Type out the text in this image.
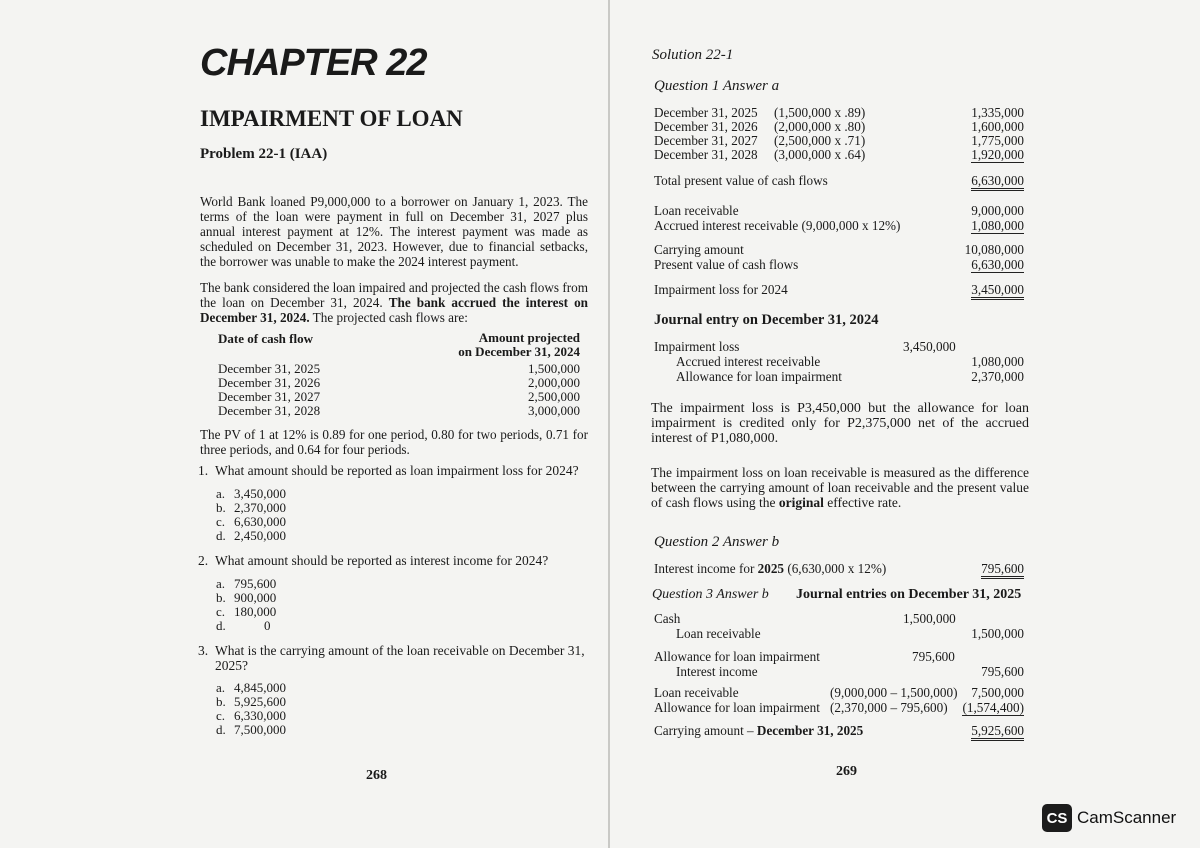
CHAPTER 22
IMPAIRMENT OF LOAN
Problem 22-1 (IAA)
World Bank loaned P9,000,000 to a borrower on January 1, 2023. The terms of the loan were payment in full on December 31, 2027 plus annual interest payment at 12%. The interest payment was made as scheduled on December 31, 2023. However, due to financial setbacks, the borrower was unable to make the 2024 interest payment.
The bank considered the loan impaired and projected the cash flows from the loan on December 31, 2024. The bank accrued the interest on December 31, 2024. The projected cash flows are:
Date of cash flow	Amount projected
on December 31, 2024
December 31, 2025	1,500,000
December 31, 2026	2,000,000
December 31, 2027	2,500,000
December 31, 2028	3,000,000
The PV of 1 at 12% is 0.89 for one period, 0.80 for two periods, 0.71 for three periods, and 0.64 for four periods.
1. What amount should be reported as loan impairment loss for 2024?
a. 3,450,000
b. 2,370,000
c. 6,630,000
d. 2,450,000
2. What amount should be reported as interest income for 2024?
a. 795,600
b. 900,000
c. 180,000
d.	0
3. What is the carrying amount of the loan receivable on December 31, 2025?
a. 4,845,000
b. 5,925,600
c. 6,330,000
d. 7,500,000
268
Solution 22-1
Question 1 Answer a
December 31, 2025 (1,500,000 x .89)	1,335,000
December 31, 2026 (2,000,000 x .80)	1,600,000
December 31, 2027 (2,500,000 x .71)	1,775,000
December 31, 2028 (3,000,000 x .64)	1,920,000
Total present value of cash flows	6,630,000
Loan receivable	9,000,000
Accrued interest receivable (9,000,000 x 12%)	1,080,000
Carrying amount	10,080,000
Present value of cash flows	6,630,000
Impairment loss for 2024	3,450,000
Journal entry on December 31, 2024
Impairment loss	3,450,000
Accrued interest receivable	1,080,000
Allowance for loan impairment	2,370,000
The impairment loss is P3,450,000 but the allowance for loan impairment is credited only for P2,375,000 net of the accrued interest of P1,080,000.
The impairment loss on loan receivable is measured as the difference between the carrying amount of loan receivable and the present value of cash flows using the original effective rate.
Question 2 Answer b
Interest income for 2025 (6,630,000 x 12%)	795,600
Question 3 Answer b Journal entries on December 31, 2025
Cash	1,500,000
Loan receivable	1,500,000
Allowance for loan impairment	795,600
Interest income	795,600
Loan receivable	(9,000,000 – 1,500,000) 7,500,000
Allowance for loan impairment (2,370,000 – 795,600) (1,574,400)
Carrying amount – December 31, 2025	5,925,600
269
CS CamScanner
